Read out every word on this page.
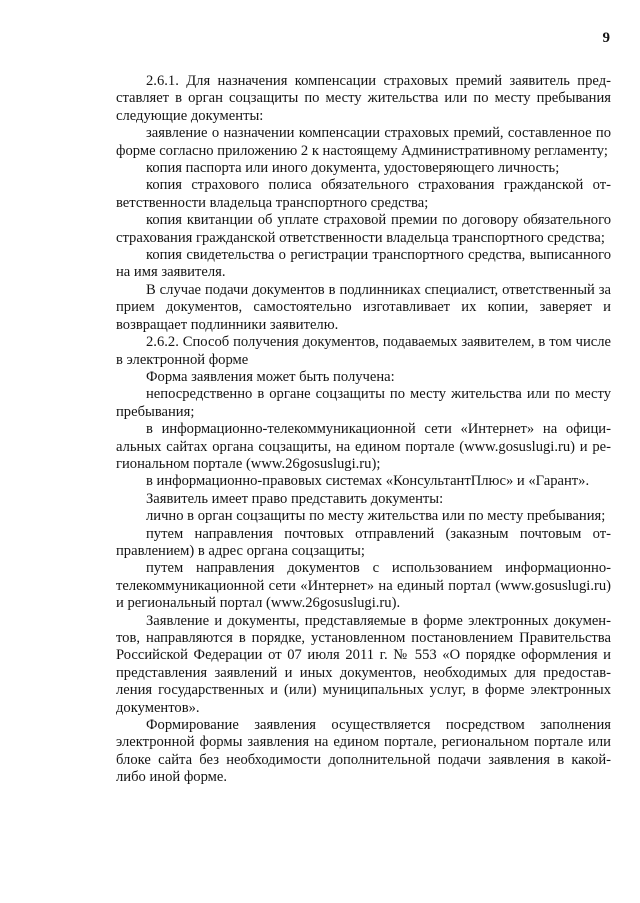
9

2.6.1. Для назначения компенсации страховых премий заявитель представляет в орган соцзащиты по месту жительства или по месту пребывания следующие документы:

заявление о назначении компенсации страховых премий, составленное по форме согласно приложению 2 к настоящему Административному регламенту;

копия паспорта или иного документа, удостоверяющего личность;

копия страхового полиса обязательного страхования гражданской ответственности владельца транспортного средства;

копия квитанции об уплате страховой премии по договору обязательного страхования гражданской ответственности владельца транспортного средства;

копия свидетельства о регистрации транспортного средства, выписанного на имя заявителя.

В случае подачи документов в подлинниках специалист, ответственный за прием документов, самостоятельно изготавливает их копии, заверяет и возвращает подлинники заявителю.

2.6.2. Способ получения документов, подаваемых заявителем, в том числе в электронной форме

Форма заявления может быть получена:

непосредственно в органе соцзащиты по месту жительства или по месту пребывания;

в информационно-телекоммуникационной сети «Интернет» на официальных сайтах органа соцзащиты, на едином портале (www.gosuslugi.ru) и региональном портале (www.26gosuslugi.ru);

в информационно-правовых системах «КонсультантПлюс» и «Гарант».

Заявитель имеет право представить документы:

лично в орган соцзащиты по месту жительства или по месту пребывания;

путем направления почтовых отправлений (заказным почтовым отправлением) в адрес органа соцзащиты;

путем направления документов с использованием информационно-телекоммуникационной сети «Интернет» на единый портал (www.gosuslugi.ru) и региональный портал (www.26gosuslugi.ru).

Заявление и документы, представляемые в форме электронных документов, направляются в порядке, установленном постановлением Правительства Российской Федерации от 07 июля 2011 г. № 553 «О порядке оформления и представления заявлений и иных документов, необходимых для предоставления государственных и (или) муниципальных услуг, в форме электронных документов».

Формирование заявления осуществляется посредством заполнения электронной формы заявления на едином портале, региональном портале или блоке сайта без необходимости дополнительной подачи заявления в какой-либо иной форме.
